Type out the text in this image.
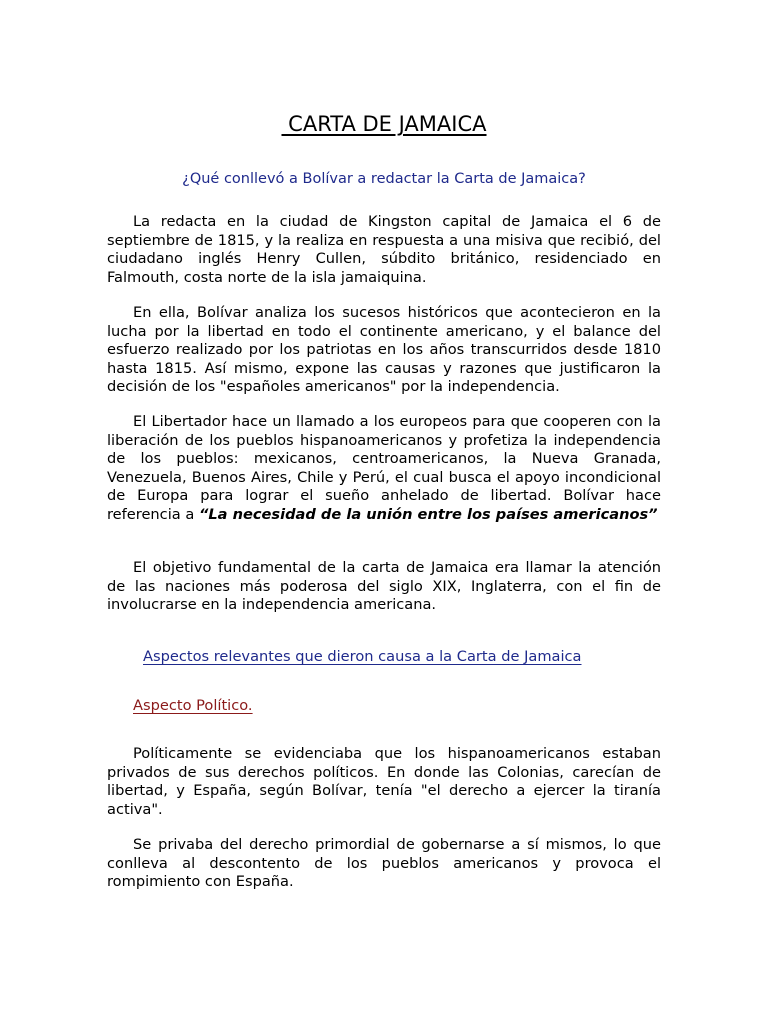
CARTA DE JAMAICA

¿Qué conllevó a Bolívar a redactar la Carta de Jamaica?

La redacta en la ciudad de Kingston capital de Jamaica el 6 de septiembre de 1815, y la realiza en respuesta a una misiva que recibió, del ciudadano inglés Henry Cullen, súbdito británico, residenciado en Falmouth, costa norte de la isla jamaiquina.

En ella, Bolívar analiza los sucesos históricos que acontecieron en la lucha por la libertad en todo el continente americano, y el balance del esfuerzo realizado por los patriotas en los años transcurridos desde 1810 hasta 1815. Así mismo, expone las causas y razones que justificaron la decisión de los "españoles americanos" por la independencia.

El Libertador hace un llamado a los europeos para que cooperen con la liberación de los pueblos hispanoamericanos y profetiza la independencia de los pueblos: mexicanos, centroamericanos, la Nueva Granada, Venezuela, Buenos Aires, Chile y Perú, el cual busca el apoyo incondicional de Europa para lograr el sueño anhelado de libertad. Bolívar hace referencia a “La necesidad de la unión entre los países americanos”

El objetivo fundamental de la carta de Jamaica era llamar la atención de las naciones más poderosa del siglo XIX, Inglaterra, con el fin de involucrarse en la independencia americana.

Aspectos relevantes que dieron causa a la Carta de Jamaica
Aspecto Político.

Políticamente se evidenciaba que los hispanoamericanos estaban privados de sus derechos políticos. En donde las Colonias, carecían de libertad, y España, según Bolívar, tenía "el derecho a ejercer la tiranía activa".

Se privaba del derecho primordial de gobernarse a sí mismos, lo que conlleva al descontento de los pueblos americanos y provoca el rompimiento con España.
